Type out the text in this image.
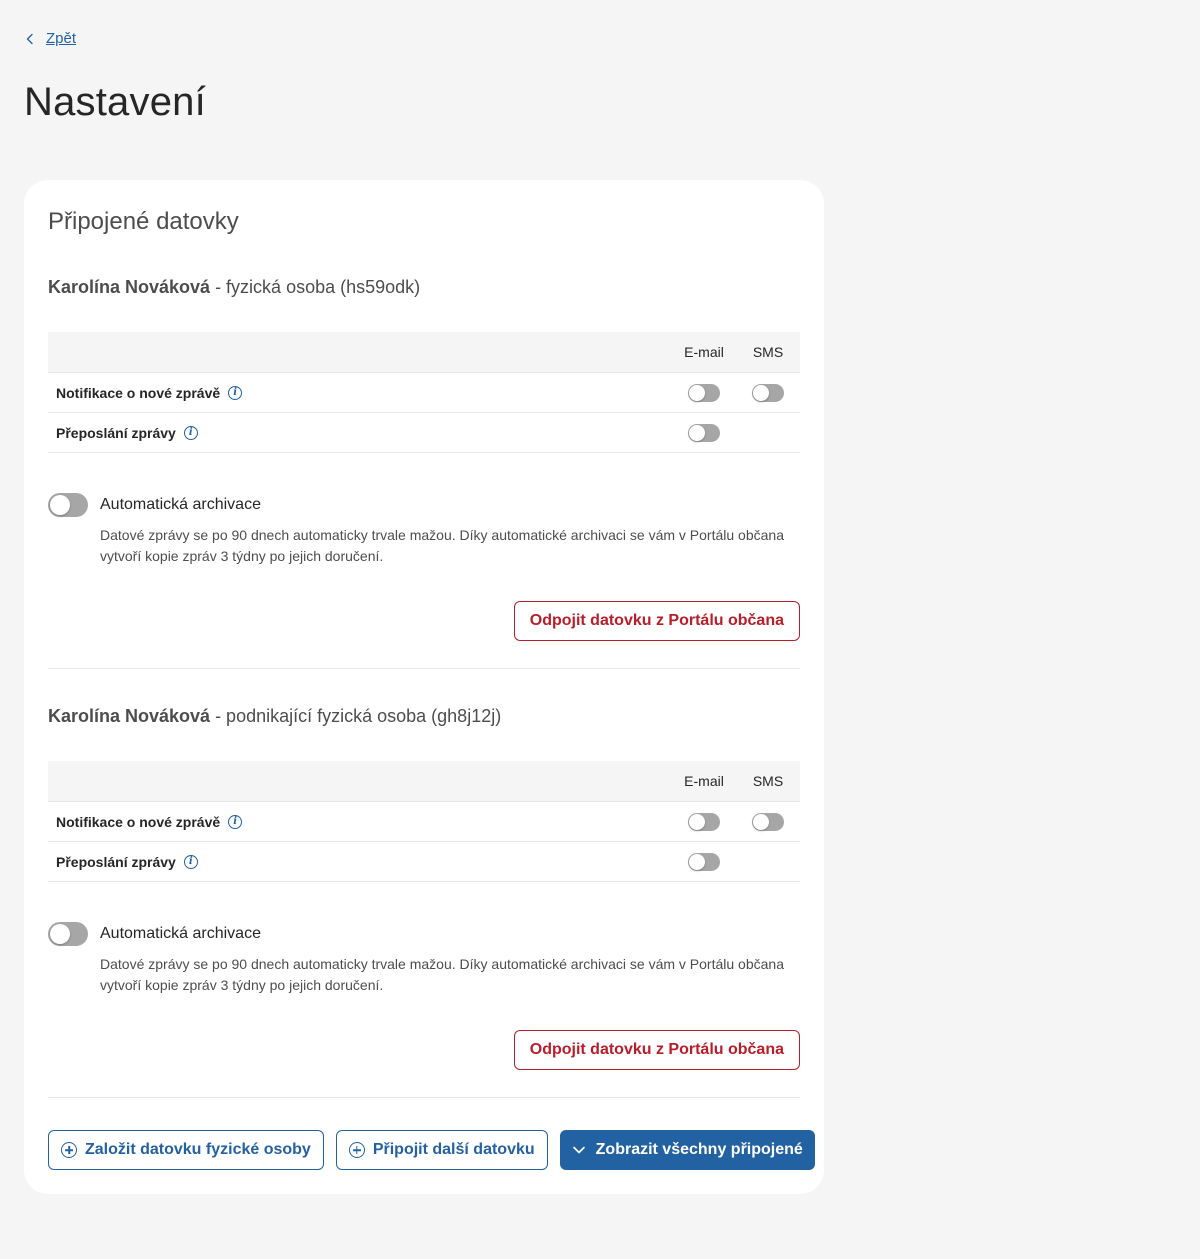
Zpět
Nastavení
Připojené datovky
Karolína Nováková - fyzická osoba (hs59odk)
E-mail	SMS
Notifikace o nové zprávě	i
Přeposlání zprávy	i
Automatická archivace
Datové zprávy se po 90 dnech automaticky trvale mažou. Díky automatické archivaci se vám v Portálu občana vytvoří kopie zpráv 3 týdny po jejich doručení.
Odpojit datovku z Portálu občana
Karolína Nováková - podnikající fyzická osoba (gh8j12j)
E-mail	SMS
Notifikace o nové zprávě	i
Přeposlání zprávy	i
Automatická archivace
Datové zprávy se po 90 dnech automaticky trvale mažou. Díky automatické archivaci se vám v Portálu občana vytvoří kopie zpráv 3 týdny po jejich doručení.
Odpojit datovku z Portálu občana
Založit datovku fyzické osoby	Připojit další datovku	Zobrazit všechny připojené
